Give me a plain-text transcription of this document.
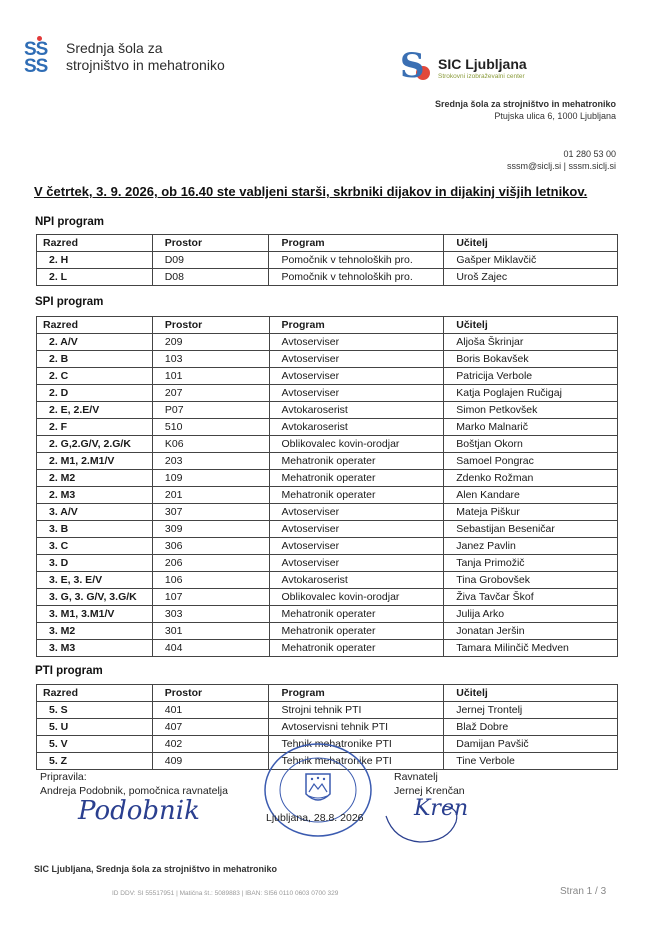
SS
SS
Srednja šola za
strojništvo in mehatroniko	S SIC Ljubljana
Strokovni izobraževalni center
Srednja šola za strojništvo in mehatroniko
Ptujska ulica 6, 1000 Ljubljana
01 280 53 00
sssm@siclj.si | sssm.siclj.si
V četrtek, 3. 9. 2026, ob 16.40 ste vabljeni starši, skrbniki dijakov in dijakinj višjih letnikov.
NPI program
Razred	Prostor	Program	Učitelj
2. H	D09	Pomočnik v tehnoloških pro.	Gašper Miklavčič
2. L	D08	Pomočnik v tehnoloških pro.	Uroš Zajec
SPI program
Razred	Prostor	Program	Učitelj
2. A/V	209	Avtoserviser	Aljoša Škrinjar
2. B	103	Avtoserviser	Boris Bokavšek
2. C	101	Avtoserviser	Patricija Verbole
2. D	207	Avtoserviser	Katja Poglajen Ručigaj
2. E, 2.E/V	P07	Avtokaroserist	Simon Petkovšek
2. F	510	Avtokaroserist	Marko Malnarič
2. G,2.G/V, 2.G/K	K06	Oblikovalec kovin-orodjar	Boštjan Okorn
2. M1, 2.M1/V	203	Mehatronik operater	Samoel Pongrac
2. M2	109	Mehatronik operater	Zdenko Rožman
2. M3	201	Mehatronik operater	Alen Kandare
3. A/V	307	Avtoserviser	Mateja Piškur
3. B	309	Avtoserviser	Sebastijan Beseničar
3. C	306	Avtoserviser	Janez Pavlin
3. D	206	Avtoserviser	Tanja Primožič
3. E, 3. E/V	106	Avtokaroserist	Tina Grobovšek
3. G, 3. G/V, 3.G/K	107	Oblikovalec kovin-orodjar	Živa Tavčar Škof
3. M1, 3.M1/V	303	Mehatronik operater	Julija Arko
3. M2	301	Mehatronik operater	Jonatan Jeršin
3. M3	404	Mehatronik operater	Tamara Milinčič Medven
PTI program
Razred	Prostor	Program	Učitelj
5. S	401	Strojni tehnik PTI	Jernej Trontelj
5. U	407	Avtoservisni tehnik PTI	Blaž Dobre
5. V	402	Tehnik mehatronike PTI	Damijan Pavšič
5. Z	409	Tehnik mehatronike PTI	Tine Verbole
Pripravila:
Andreja Podobnik, pomočnica ravnatelja
Podobnik
Ravnatelj
Jernej Krenčan
Kren
Ljubljana, 28.8. 2026
SIC Ljubljana, Srednja šola za strojništvo in mehatroniko
ID DDV: SI 55517951 | Matična št.: 5089883 | IBAN: SI56 0110 0603 0700 329	Stran 1 / 3
